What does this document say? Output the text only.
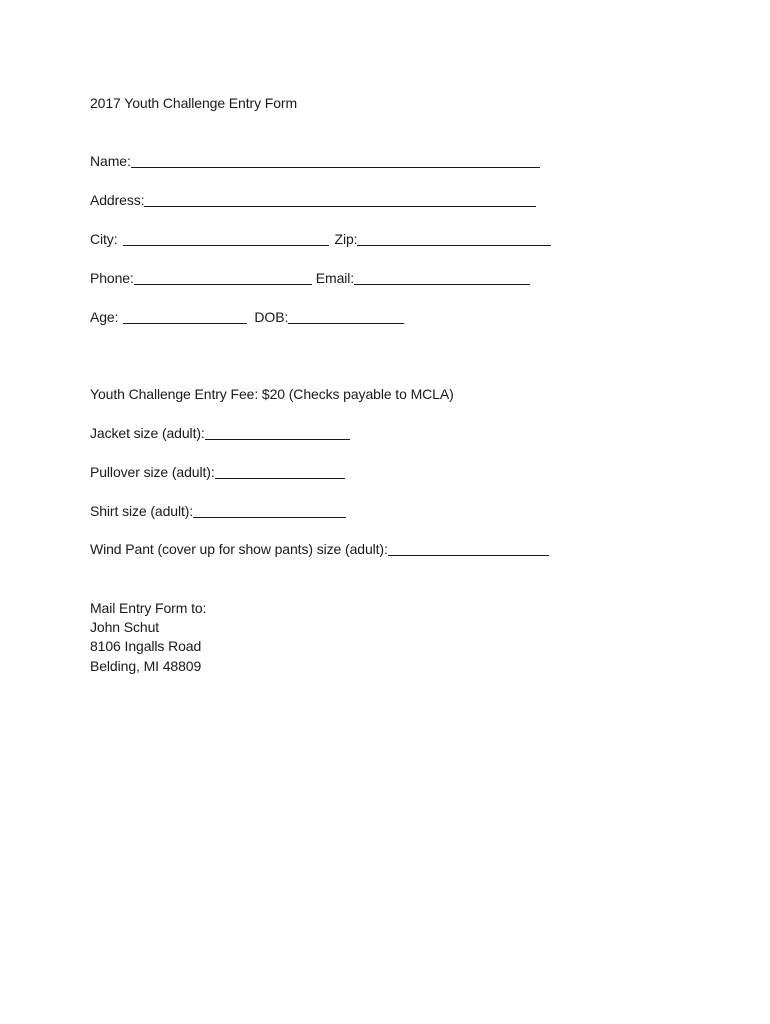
2017 Youth Challenge Entry Form
Name:
Address:
City:	Zip:
Phone:	Email:
Age:	DOB:
Youth Challenge Entry Fee: $20 (Checks payable to MCLA)
Jacket size (adult):
Pullover size (adult):
Shirt size (adult):
Wind Pant (cover up for show pants) size (adult):
Mail Entry Form to:
John Schut
8106 Ingalls Road
Belding, MI 48809
